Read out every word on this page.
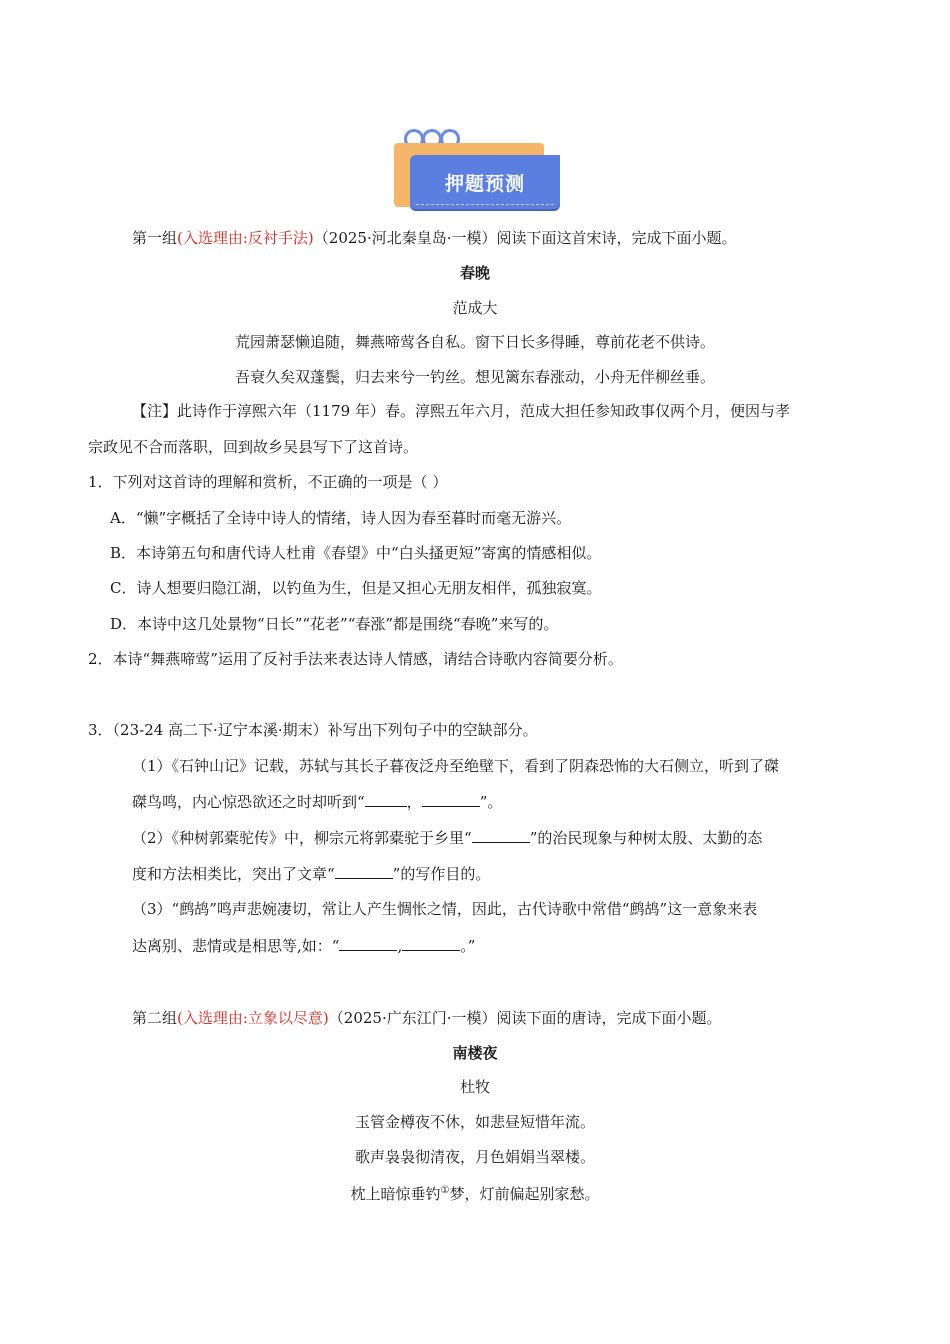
押题预测
第一组(入选理由:反衬手法)（2025·河北秦皇岛·一模）阅读下面这首宋诗，完成下面小题。
春晚
范成大
荒园萧瑟懒追随，舞燕啼莺各自私。窗下日长多得睡，尊前花老不供诗。
吾衰久矣双蓬鬓，归去来兮一钓丝。想见篱东春涨动，小舟无伴柳丝垂。
【注】此诗作于淳熙六年（1179 年）春。淳熙五年六月，范成大担任参知政事仅两个月，便因与孝
宗政见不合而落职，回到故乡吴县写下了这首诗。
1．下列对这首诗的理解和赏析，不正确的一项是（ ）
A．“懒”字概括了全诗中诗人的情绪，诗人因为春至暮时而毫无游兴。
B．本诗第五句和唐代诗人杜甫《春望》中“白头搔更短”寄寓的情感相似。
C．诗人想要归隐江湖，以钓鱼为生，但是又担心无朋友相伴，孤独寂寞。
D．本诗中这几处景物“日长”“花老”“春涨”都是围绕“春晚”来写的。
2．本诗“舞燕啼莺”运用了反衬手法来表达诗人情感，请结合诗歌内容简要分析。
3．（23-24 高二下·辽宁本溪·期末）补写出下列句子中的空缺部分。
（1）《石钟山记》记载，苏轼与其长子暮夜泛舟至绝壁下，看到了阴森恐怖的大石侧立，听到了磔
磔鸟鸣，内心惊恐欲还之时却听到“	，	”。
（2）《种树郭橐驼传》中，柳宗元将郭橐驼于乡里“	”的治民现象与种树太殷、太勤的态
度和方法相类比，突出了文章“	”的写作目的。
（3）“鹧鸪”鸣声悲婉凄切，常让人产生惆怅之情，因此，古代诗歌中常借“鹧鸪”这一意象来表
达离别、悲情或是相思等,如：“	,	。”
第二组(入选理由:立象以尽意)（2025·广东江门·一模）阅读下面的唐诗，完成下面小题。
南楼夜
杜牧
玉管金樽夜不休，如悲昼短惜年流。
歌声袅袅彻清夜，月色娟娟当翠楼。
枕上暗惊垂钓①梦，灯前偏起别家愁。
